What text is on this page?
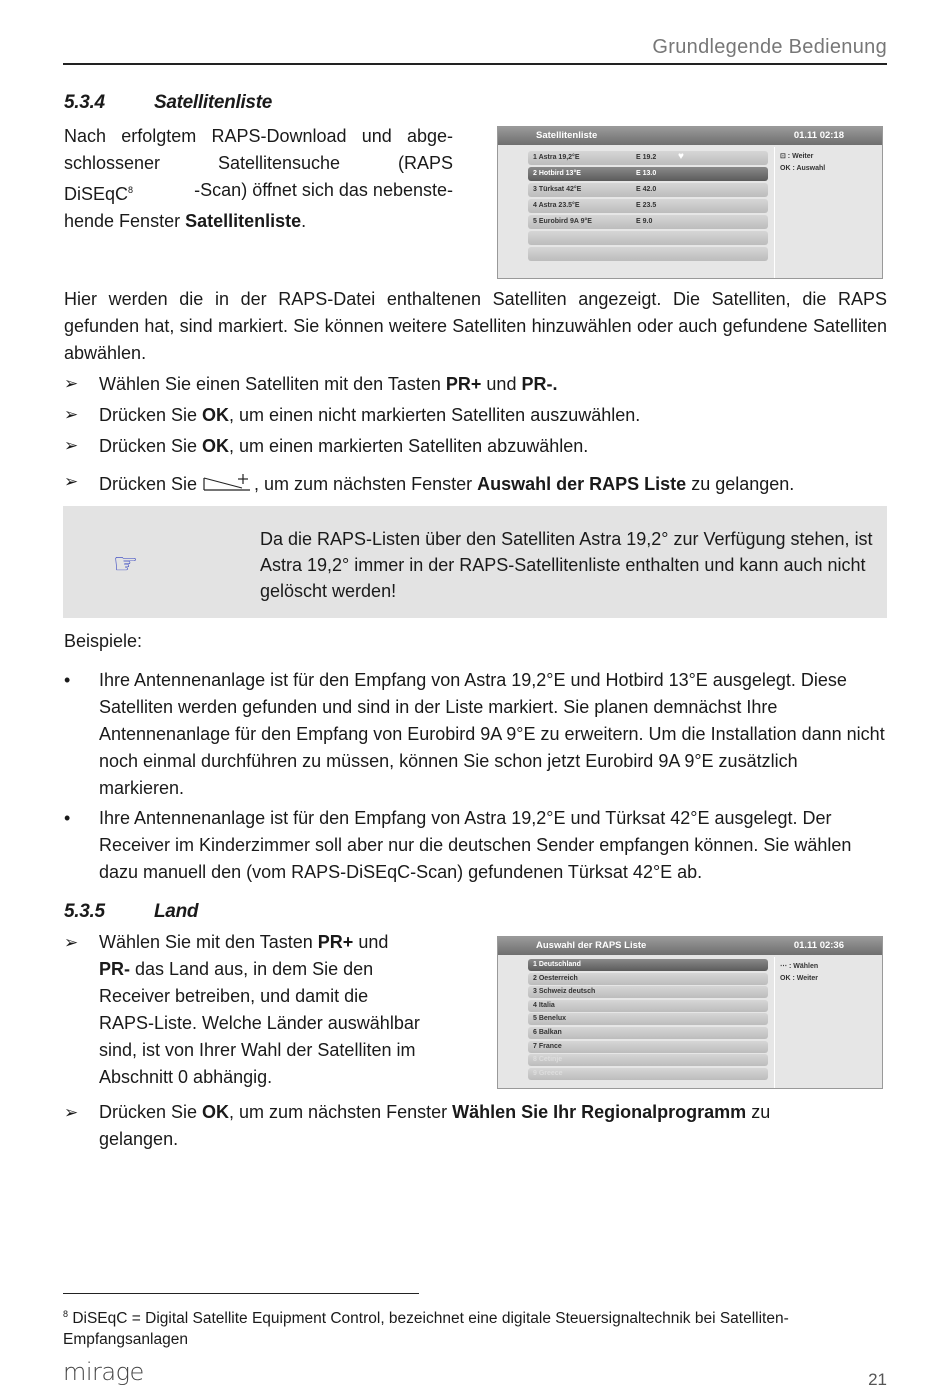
Grundlegende Bedienung
5.3.4	Satellitenliste
Nach erfolgtem RAPS-Download und abge-
schlossener	Satellitensuche	(RAPS
DiSEqC$^8$	-Scan) öffnet sich das nebenste-
hende Fenster Satellitenliste.
Satellitenliste	01.11 02:18
1 Astra 19,2°E	E 19.2 ♥
2 Hotbird 13°E	E 13.0
3 Türksat 42°E	E 42.0
4 Astra 23.5°E	E 23.5
5 Eurobird 9A 9°E	E 9.0
⊡ : Weiter
OK : Auswahl
Hier werden die in der RAPS-Datei enthaltenen Satelliten angezeigt. Die Satelliten, die RAPS gefunden hat, sind markiert. Sie können weitere Satelliten hinzuwählen oder auch gefundene Satelliten abwählen.
➢	Wählen Sie einen Satelliten mit den Tasten PR+ und PR-.
➢	Drücken Sie OK, um einen nicht markierten Satelliten auszuwählen.
➢	Drücken Sie OK, um einen markierten Satelliten abzuwählen.
➢	Drücken Sie	, um zum nächsten Fenster Auswahl der RAPS Liste zu gelangen.
☞
Da die RAPS-Listen über den Satelliten Astra 19,2° zur Verfügung stehen, ist Astra 19,2° immer in der RAPS-Satellitenliste enthalten und kann auch nicht gelöscht werden!
Beispiele:
•	Ihre Antennenanlage ist für den Empfang von Astra 19,2°E und Hotbird 13°E ausgelegt. Diese Satelliten werden gefunden und sind in der Liste markiert. Sie planen demnächst Ihre Antennenanlage für den Empfang von Eurobird 9A 9°E zu erweitern. Um die Installation dann nicht noch einmal durchführen zu müssen, können Sie schon jetzt Eurobird 9A 9°E zusätzlich markieren.
•	Ihre Antennenanlage ist für den Empfang von Astra 19,2°E und Türksat 42°E ausgelegt. Der Receiver im Kinderzimmer soll aber nur die deutschen Sender empfangen können. Sie wählen dazu manuell den (vom RAPS-DiSEqC-Scan) gefundenen Türksat 42°E ab.
5.3.5	Land
➢	Wählen Sie mit den Tasten PR+ und
PR- das Land aus, in dem Sie den
Receiver betreiben, und damit die
RAPS-Liste. Welche Länder auswählbar
sind, ist von Ihrer Wahl der Satelliten im
Abschnitt 0 abhängig.
Auswahl der RAPS Liste	01.11 02:36
1 Deutschland
2 Oesterreich
3 Schweiz deutsch
4 Italia
5 Benelux
6 Balkan
7 France
8 Cetinje
9 Greece
⋯ : Wählen
OK : Weiter
➢	Drücken Sie OK, um zum nächsten Fenster Wählen Sie Ihr Regionalprogramm zu
gelangen.
$^8$ DiSEqC = Digital Satellite Equipment Control, bezeichnet eine digitale Steuersignaltechnik bei Satelliten-Empfangsanlagen
mirage	21
